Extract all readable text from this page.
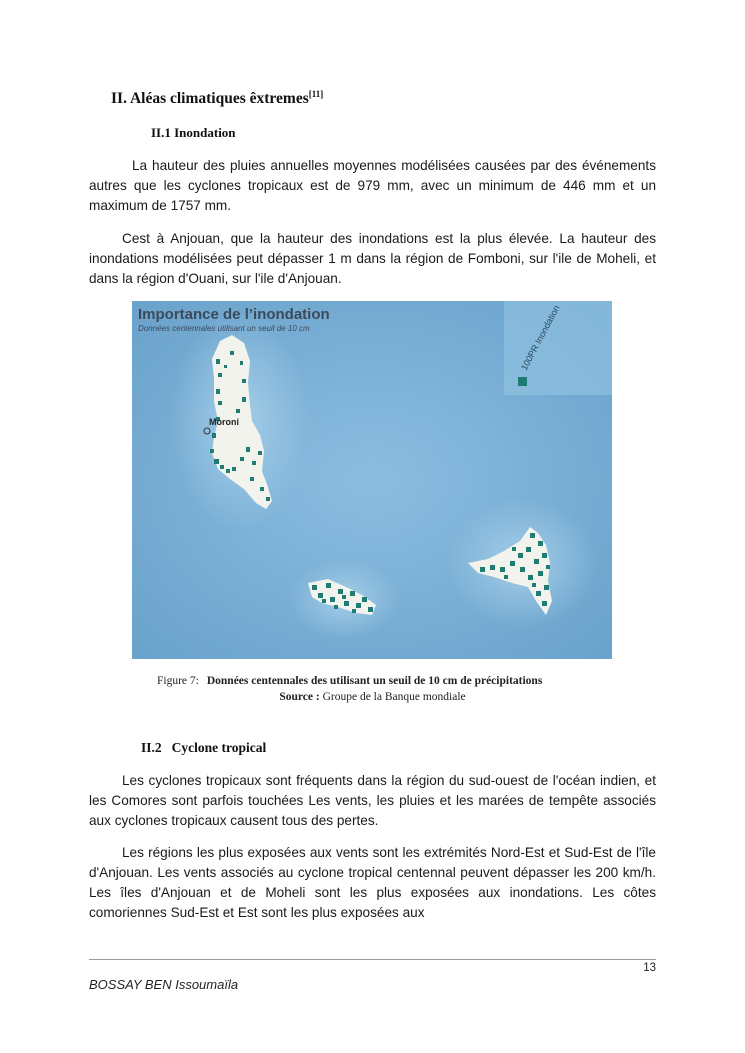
II. Aléas climatiques êxtremes[11]
II.1 Inondation

La hauteur des pluies annuelles moyennes modélisées causées par des événements autres que les cyclones tropicaux est de 979 mm, avec un minimum de 446 mm et un maximum de 1757 mm.

Cest à Anjouan, que la hauteur des inondations est la plus élevée. La hauteur des inondations modélisées peut dépasser 1 m dans la région de Fomboni, sur l'ile de Moheli, et dans la région d'Ouani, sur l'ile d'Anjouan.

100PR Inondation
Moroni
Importance de l’inondation
Données centennales utilisant un seuil de 10 cm
Figure 7: Données centennales des utilisant un seuil de 10 cm de précipitations
Source : Groupe de la Banque mondiale
II.2 Cyclone tropical

Les cyclones tropicaux sont fréquents dans la région du sud-ouest de l'océan indien, et les Comores sont parfois touchées Les vents, les pluies et les marées de tempête associés aux cyclones tropicaux causent tous des pertes.

Les régions les plus exposées aux vents sont les extrémités Nord-Est et Sud-Est de l'île d'Anjouan. Les vents associés au cyclone tropical centennal peuvent dépasser les 200 km/h. Les îles d'Anjouan et de Moheli sont les plus exposées aux inondations. Les côtes comoriennes Sud-Est et Est sont les plus exposées aux

13
BOSSAY BEN Issoumaïla
